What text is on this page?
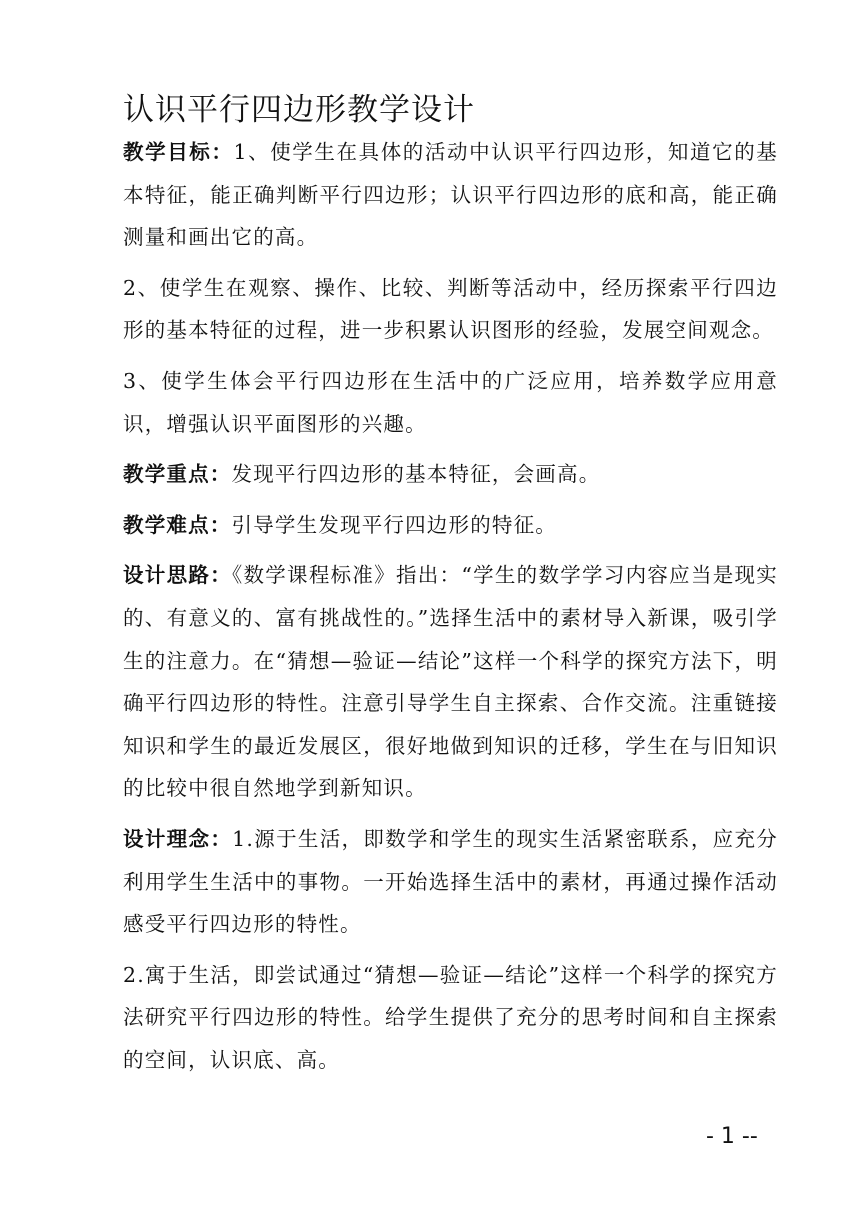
认识平行四边形教学设计

教学目标：1、使学生在具体的活动中认识平行四边形，知道它的基本特征，能正确判断平行四边形；认识平行四边形的底和高，能正确测量和画出它的高。

2、使学生在观察、操作、比较、判断等活动中，经历探索平行四边形的基本特征的过程，进一步积累认识图形的经验，发展空间观念。

3、使学生体会平行四边形在生活中的广泛应用，培养数学应用意识，增强认识平面图形的兴趣。

教学重点：发现平行四边形的基本特征，会画高。

教学难点：引导学生发现平行四边形的特征。

设计思路：《数学课程标准》指出：“学生的数学学习内容应当是现实的、有意义的、富有挑战性的。”选择生活中的素材导入新课，吸引学生的注意力。在“猜想—验证—结论”这样一个科学的探究方法下，明确平行四边形的特性。注意引导学生自主探索、合作交流。注重链接知识和学生的最近发展区，很好地做到知识的迁移，学生在与旧知识的比较中很自然地学到新知识。

设计理念：1.源于生活，即数学和学生的现实生活紧密联系，应充分利用学生生活中的事物。一开始选择生活中的素材，再通过操作活动感受平行四边形的特性。

2.寓于生活，即尝试通过“猜想—验证—结论”这样一个科学的探究方法研究平行四边形的特性。给学生提供了充分的思考时间和自主探索的空间，认识底、高。

- 1 --
